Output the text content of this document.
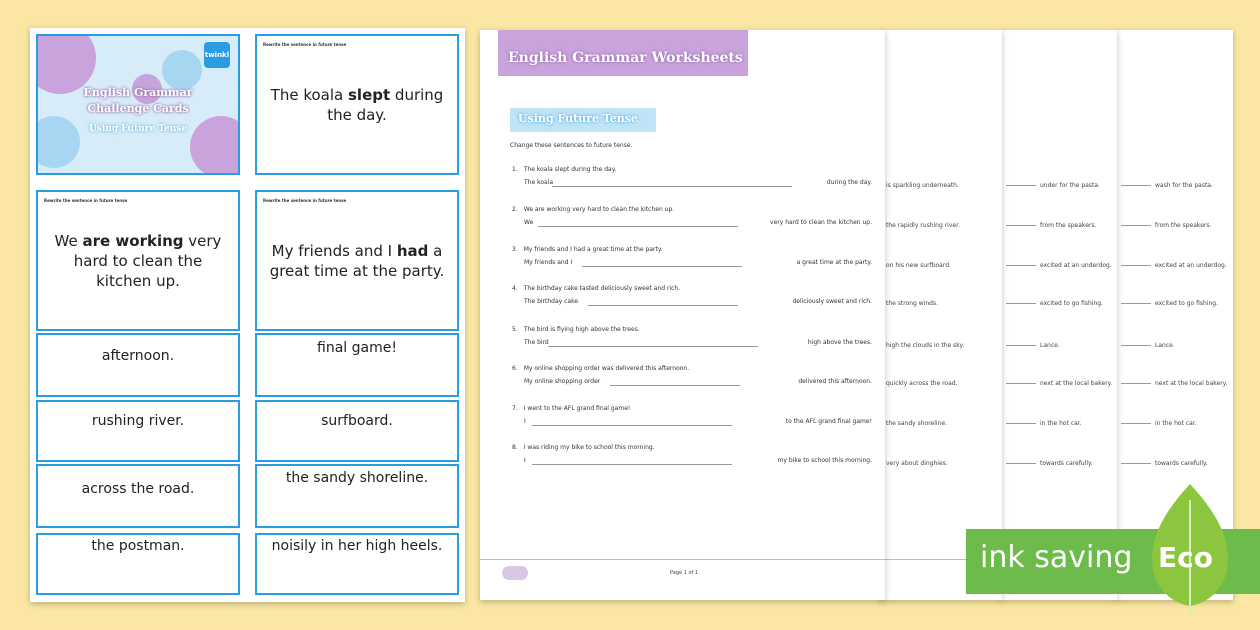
twinkl
English Grammar
Challenge Cards
Using Future Tense
Rewrite the sentence in future tense
The koala slept during the day.
Rewrite the sentence in future tense
We are working very hard to clean the kitchen up.
Rewrite the sentence in future tense
My friends and I had a great time at the party.
afternoon.	final game!
rushing river.	surfboard.
across the road.
the sandy shoreline.
the postman.	noisily in her high heels.
wash for the pasta.
from the speakers.
excited at an underdog.
excited to go fishing.
Lance.
next at the local bakery.
in the hot car.
towards carefully.
under for the pasta.
from the speakers.
excited at an underdog.
excited to go fishing.
Lance.
next at the local bakery.
in the hot car.
towards carefully.
is sparkling underneath.
the rapidly rushing river.
on his new surfboard.
the strong winds.
high the clouds in the sky.
quickly across the road.
the sandy shoreline.
very about dinghies.
English Grammar Worksheets
Using Future Tense
Change these sentences to future tense.
1. The koala slept during the day.
The koala	during the day.
2. We are working very hard to clean the kitchen up.
We	very hard to clean the kitchen up.
3. My friends and I had a great time at the party.
My friends and I	a great time at the party.
4. The birthday cake tasted deliciously sweet and rich.
The birthday cake	deliciously sweet and rich.
5. The bird is flying high above the trees.
The bird	high above the trees.
6. My online shopping order was delivered this afternoon.
My online shopping order	delivered this afternoon.
7. I went to the AFL grand final game!
I	to the AFL grand final game!
8. I was riding my bike to school this morning.
I	my bike to school this morning.
Page 1 of 1	ink saving Eco
